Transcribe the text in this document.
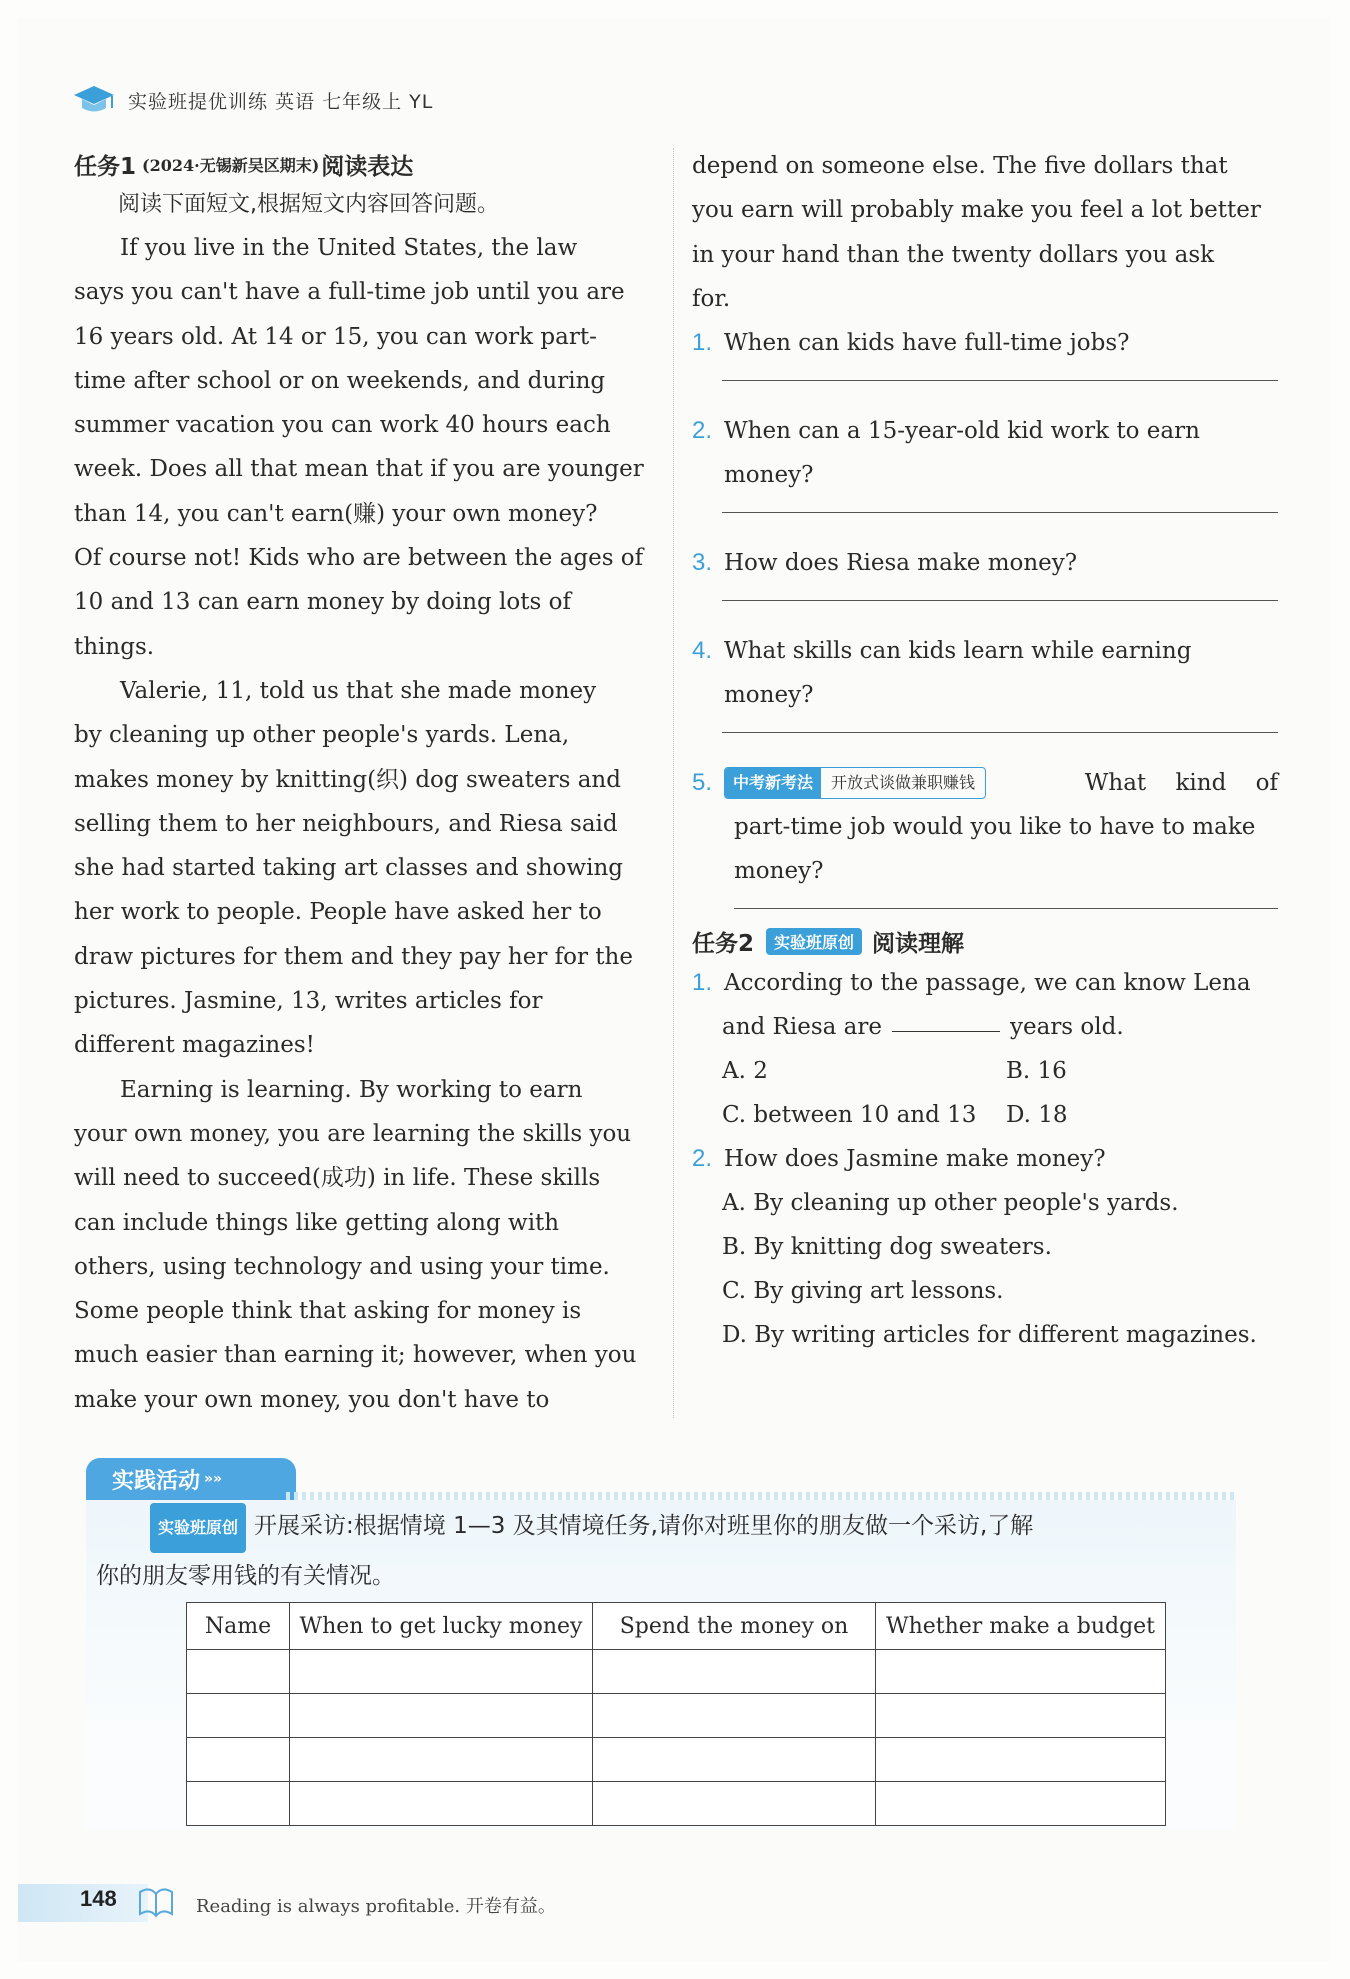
实验班提优训练 英语 七年级上 YL
任务1 (2024·无锡新吴区期末) 阅读表达
阅读下面短文,根据短文内容回答问题。
If you live in the United States, the law
says you can't have a full-time job until you are
16 years old. At 14 or 15, you can work part-
time after school or on weekends, and during
summer vacation you can work 40 hours each
week. Does all that mean that if you are younger
than 14, you can't earn(赚) your own money?
Of course not! Kids who are between the ages of
10 and 13 can earn money by doing lots of
things.
Valerie, 11, told us that she made money
by cleaning up other people's yards. Lena,
makes money by knitting(织) dog sweaters and
selling them to her neighbours, and Riesa said
she had started taking art classes and showing
her work to people. People have asked her to
draw pictures for them and they pay her for the
pictures. Jasmine, 13, writes articles for
different magazines!
Earning is learning. By working to earn
your own money, you are learning the skills you
will need to succeed(成功) in life. These skills
can include things like getting along with
others, using technology and using your time.
Some people think that asking for money is
much easier than earning it; however, when you
make your own money, you don't have to
depend on someone else. The five dollars that
you earn will probably make you feel a lot better
in your hand than the twenty dollars you ask
for.
1. When can kids have full-time jobs?
2. When can a 15-year-old kid work to earn
money?
3. How does Riesa make money?
4. What skills can kids learn while earning
money?
5.	中考新考法	开放式谈做兼职赚钱	What kind of
part-time job would you like to have to make
money?
任务2	实验班原创 阅读理解
1. According to the passage, we can know Lena
and Riesa are	years old.
A. 2	B. 16
C. between 10 and 13	D. 18
2. How does Jasmine make money?
A. By cleaning up other people's yards.
B. By knitting dog sweaters.
C. By giving art lessons.
D. By writing articles for different magazines.
实践活动 »»
实验班原创 开展采访:根据情境 1—3 及其情境任务,请你对班里你的朋友做一个采访,了解
你的朋友零用钱的有关情况。
Name	When to get lucky money	Spend the money on	Whether make a budget

148	Reading is always profitable. 开卷有益。
